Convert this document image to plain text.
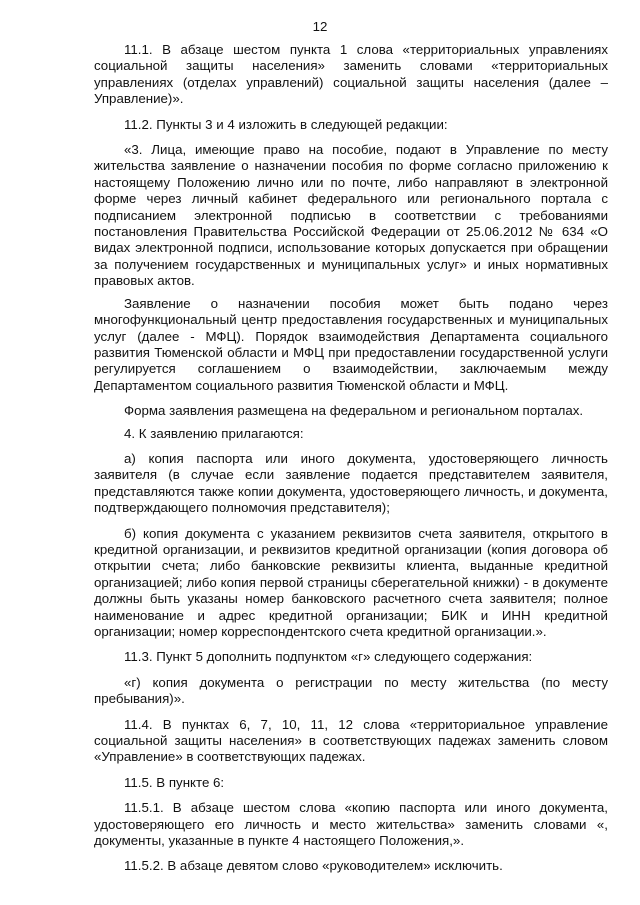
12

11.1. В абзаце шестом пункта 1 слова «территориальных управлениях социальной защиты населения» заменить словами «территориальных управлениях (отделах управлений) социальной защиты населения (далее – Управление)».

11.2. Пункты 3 и 4 изложить в следующей редакции:

«3. Лица, имеющие право на пособие, подают в Управление по месту жительства заявление о назначении пособия по форме согласно приложению к настоящему Положению лично или по почте, либо направляют в электронной форме через личный кабинет федерального или регионального портала с подписанием электронной подписью в соответствии с требованиями постановления Правительства Российской Федерации от 25.06.2012 № 634 «О видах электронной подписи, использование которых допускается при обращении за получением государственных и муниципальных услуг» и иных нормативных правовых актов.

Заявление о назначении пособия может быть подано через многофункциональный центр предоставления государственных и муниципальных услуг (далее - МФЦ). Порядок взаимодействия Департамента социального развития Тюменской области и МФЦ при предоставлении государственной услуги регулируется соглашением о взаимодействии, заключаемым между Департаментом социального развития Тюменской области и МФЦ.

Форма заявления размещена на федеральном и региональном порталах.

4. К заявлению прилагаются:

а) копия паспорта или иного документа, удостоверяющего личность заявителя (в случае если заявление подается представителем заявителя, представляются также копии документа, удостоверяющего личность, и документа, подтверждающего полномочия представителя);

б) копия документа с указанием реквизитов счета заявителя, открытого в кредитной организации, и реквизитов кредитной организации (копия договора об открытии счета; либо банковские реквизиты клиента, выданные кредитной организацией; либо копия первой страницы сберегательной книжки) - в документе должны быть указаны номер банковского расчетного счета заявителя; полное наименование и адрес кредитной организации; БИК и ИНН кредитной организации; номер корреспондентского счета кредитной организации.».

11.3. Пункт 5 дополнить подпунктом «г» следующего содержания:

«г) копия документа о регистрации по месту жительства (по месту пребывания)».

11.4. В пунктах 6, 7, 10, 11, 12 слова «территориальное управление социальной защиты населения» в соответствующих падежах заменить словом «Управление» в соответствующих падежах.

11.5. В пункте 6:

11.5.1. В абзаце шестом слова «копию паспорта или иного документа, удостоверяющего его личность и место жительства» заменить словами «, документы, указанные в пункте 4 настоящего Положения,».

11.5.2. В абзаце девятом слово «руководителем» исключить.
